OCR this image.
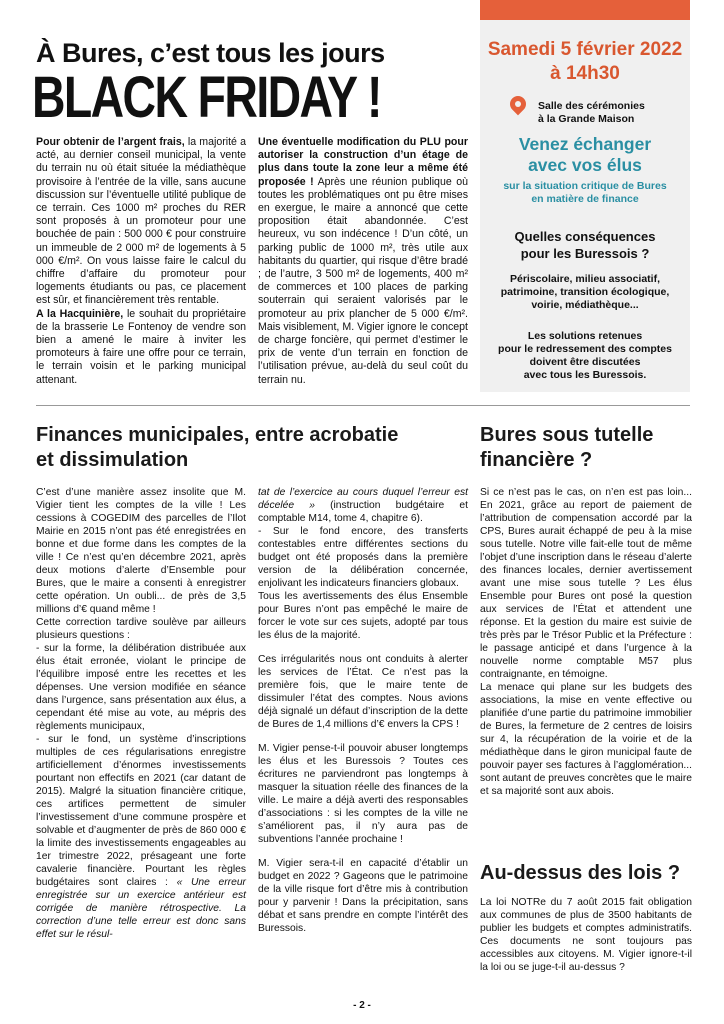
À Bures, c’est tous les jours
BLACK FRIDAY !

Pour obtenir de l’argent frais, la majorité a acté, au dernier conseil municipal, la vente du terrain nu où était située la médiathèque provisoire à l’entrée de la ville, sans aucune discussion sur l’éventuelle utilité publique de ce terrain. Ces 1000 m² proches du RER sont proposés à un promoteur pour une bouchée de pain : 500 000 € pour construire un immeuble de 2 000 m² de logements à 5 000 €/m². On vous laisse faire le calcul du chiffre d’affaire du promoteur pour logements étudiants ou pas, ce placement est sûr, et financièrement très rentable.

A la Hacquinière, le souhait du propriétaire de la brasserie Le Fontenoy de vendre son bien a amené le maire à inviter les promoteurs à faire une offre pour ce terrain, le terrain voisin et le parking municipal attenant.

Une éventuelle modification du PLU pour autoriser la construction d’un étage de plus dans toute la zone leur a même été proposée ! Après une réunion publique où toutes les problématiques ont pu être mises en exergue, le maire a annoncé que cette proposition était abandonnée. C’est heureux, vu son indécence ! D’un côté, un parking public de 1000 m², très utile aux habitants du quartier, qui risque d’être bradé ; de l’autre, 3 500 m² de logements, 400 m² de commerces et 100 places de parking souterrain qui seraient valorisés par le promoteur au prix plancher de 5 000 €/m². Mais visiblement, M. Vigier ignore le concept de charge foncière, qui permet d’estimer le prix de vente d’un terrain en fonction de l’utilisation prévue, au-delà du seul coût du terrain nu.

Samedi 5 février 2022
à 14h30
Salle des cérémonies
à la Grande Maison
Venez échanger
avec vos élus
sur la situation critique de Bures
en matière de finance
Quelles conséquences
pour les Buressois ?
Périscolaire, milieu associatif,
patrimoine, transition écologique,
voirie, médiathèque...
Les solutions retenues
pour le redressement des comptes
doivent être discutées
avec tous les Buressois.
Finances municipales, entre acrobatie
et dissimulation

C’est d’une manière assez insolite que M. Vigier tient les comptes de la ville ! Les cessions à COGEDIM des parcelles de l’Ilot Mairie en 2015 n’ont pas été enregistrées en bonne et due forme dans les comptes de la ville ! Ce n’est qu’en décembre 2021, après deux motions d’alerte d’Ensemble pour Bures, que le maire a consenti à enregistrer cette opération. Un oubli... de près de 3,5 millions d’€ quand même !

Cette correction tardive soulève par ailleurs plusieurs questions :

- sur la forme, la délibération distribuée aux élus était erronée, violant le principe de l’équilibre imposé entre les recettes et les dépenses. Une version modifiée en séance dans l’urgence, sans présentation aux élus, a cependant été mise au vote, au mépris des règlements municipaux,

- sur le fond, un système d’inscriptions multiples de ces régularisations enregistre artificiellement d’énormes investissements pourtant non effectifs en 2021 (car datant de 2015). Malgré la situation financière critique, ces artifices permettent de simuler l’investissement d’une commune prospère et solvable et d’augmenter de près de 860 000 € la limite des investissements engageables au 1er trimestre 2022, présageant une forte cavalerie financière. Pourtant les règles budgétaires sont claires : « Une erreur enregistrée sur un exercice antérieur est corrigée de manière rétrospective. La correction d’une telle erreur est donc sans effet sur le résul-

tat de l’exercice au cours duquel l’erreur est décelée » (instruction budgétaire et comptable M14, tome 4, chapitre 6).

- Sur le fond encore, des transferts contestables entre différentes sections du budget ont été proposés dans la première version de la délibération concernée, enjolivant les indicateurs financiers globaux.

Tous les avertissements des élus Ensemble pour Bures n’ont pas empêché le maire de forcer le vote sur ces sujets, adopté par tous les élus de la majorité.

Ces irrégularités nous ont conduits à alerter les services de l’État. Ce n’est pas la première fois, que le maire tente de dissimuler l’état des comptes. Nous avions déjà signalé un défaut d’inscription de la dette de Bures de 1,4 millions d’€ envers la CPS !

M. Vigier pense-t-il pouvoir abuser longtemps les élus et les Buressois ? Toutes ces écritures ne parviendront pas longtemps à masquer la situation réelle des finances de la ville. Le maire a déjà averti des responsables d’associations : si les comptes de la ville ne s’améliorent pas, il n’y aura pas de subventions l’année prochaine !

M. Vigier sera-t-il en capacité d’établir un budget en 2022 ? Gageons que le patrimoine de la ville risque fort d’être mis à contribution pour y parvenir ! Dans la précipitation, sans débat et sans prendre en compte l’intérêt des Buressois.

Bures sous tutelle
financière ?

Si ce n’est pas le cas, on n’en est pas loin... En 2021, grâce au report de paiement de l’attribution de compensation accordé par la CPS, Bures aurait échappé de peu à la mise sous tutelle. Notre ville fait-elle tout de même l’objet d’une inscription dans le réseau d’alerte des finances locales, dernier avertissement avant une mise sous tutelle ? Les élus Ensemble pour Bures ont posé la question aux services de l’État et attendent une réponse. Et la gestion du maire est suivie de très près par le Trésor Public et la Préfecture : le passage anticipé et dans l’urgence à la nouvelle norme comptable M57 plus contraignante, en témoigne.

La menace qui plane sur les budgets des associations, la mise en vente effective ou planifiée d’une partie du patrimoine immobilier de Bures, la fermeture de 2 centres de loisirs sur 4, la récupération de la voirie et de la médiathèque dans le giron municipal faute de pouvoir payer ses factures à l’agglomération... sont autant de preuves concrètes que le maire et sa majorité sont aux abois.

Au-dessus des lois ?

La loi NOTRe du 7 août 2015 fait obligation aux communes de plus de 3500 habitants de publier les budgets et comptes administratifs. Ces documents ne sont toujours pas accessibles aux citoyens. M. Vigier ignore-t-il la loi ou se juge-t-il au-dessus ?

- 2 -
